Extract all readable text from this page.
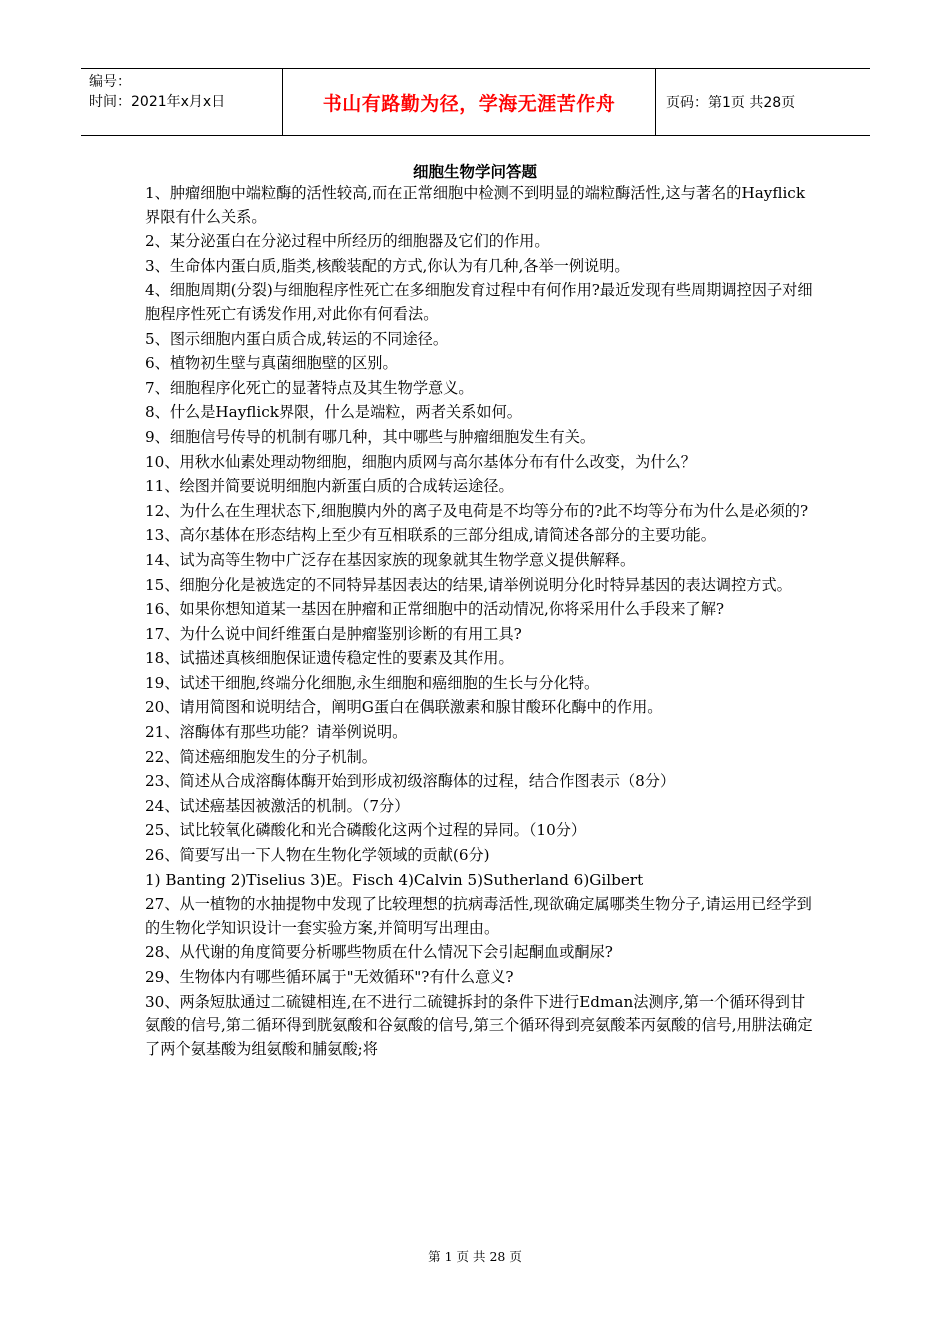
编号：
时间：2021年x月x日	书山有路勤为径，学海无涯苦作舟	页码：第1页 共28页
细胞生物学问答题
1、肿瘤细胞中端粒酶的活性较高,而在正常细胞中检测不到明显的端粒酶活性,这与著名的Hayflick界限有什么关系。
2、某分泌蛋白在分泌过程中所经历的细胞器及它们的作用。
3、生命体内蛋白质,脂类,核酸装配的方式,你认为有几种,各举一例说明。
4、细胞周期(分裂)与细胞程序性死亡在多细胞发育过程中有何作用?最近发现有些周期调控因子对细胞程序性死亡有诱发作用,对此你有何看法。
5、图示细胞内蛋白质合成,转运的不同途径。
6、植物初生壁与真菌细胞壁的区别。
7、细胞程序化死亡的显著特点及其生物学意义。
8、什么是Hayflick界限，什么是端粒，两者关系如何。
9、细胞信号传导的机制有哪几种，其中哪些与肿瘤细胞发生有关。
10、用秋水仙素处理动物细胞，细胞内质网与高尔基体分布有什么改变，为什么？
11、绘图并简要说明细胞内新蛋白质的合成转运途径。
12、为什么在生理状态下,细胞膜内外的离子及电荷是不均等分布的?此不均等分布为什么是必须的?
13、高尔基体在形态结构上至少有互相联系的三部分组成,请简述各部分的主要功能。
14、试为高等生物中广泛存在基因家族的现象就其生物学意义提供解释。
15、细胞分化是被选定的不同特异基因表达的结果,请举例说明分化时特异基因的表达调控方式。
16、如果你想知道某一基因在肿瘤和正常细胞中的活动情况,你将采用什么手段来了解?
17、为什么说中间纤维蛋白是肿瘤鉴别诊断的有用工具?
18、试描述真核细胞保证遗传稳定性的要素及其作用。
19、试述干细胞,终端分化细胞,永生细胞和癌细胞的生长与分化特。
20、请用简图和说明结合，阐明G蛋白在偶联激素和腺甘酸环化酶中的作用。
21、溶酶体有那些功能？请举例说明。
22、简述癌细胞发生的分子机制。
23、简述从合成溶酶体酶开始到形成初级溶酶体的过程，结合作图表示（8分）
24、试述癌基因被激活的机制。（7分）
25、试比较氧化磷酸化和光合磷酸化这两个过程的异同。（10分）
26、简要写出一下人物在生物化学领域的贡献(6分)
1) Banting 2)Tiselius 3)E。Fisch 4)Calvin 5)Sutherland 6)Gilbert
27、从一植物的水抽提物中发现了比较理想的抗病毒活性,现欲确定属哪类生物分子,请运用已经学到的生物化学知识设计一套实验方案,并简明写出理由。
28、从代谢的角度简要分析哪些物质在什么情况下会引起酮血或酮尿?
29、生物体内有哪些循环属于"无效循环"?有什么意义?
30、两条短肽通过二硫键相连,在不进行二硫键拆封的条件下进行Edman法测序,第一个循环得到甘氨酸的信号,第二循环得到胱氨酸和谷氨酸的信号,第三个循环得到亮氨酸苯丙氨酸的信号,用肼法确定了两个氨基酸为组氨酸和脯氨酸;将
第 1 页 共 28 页
